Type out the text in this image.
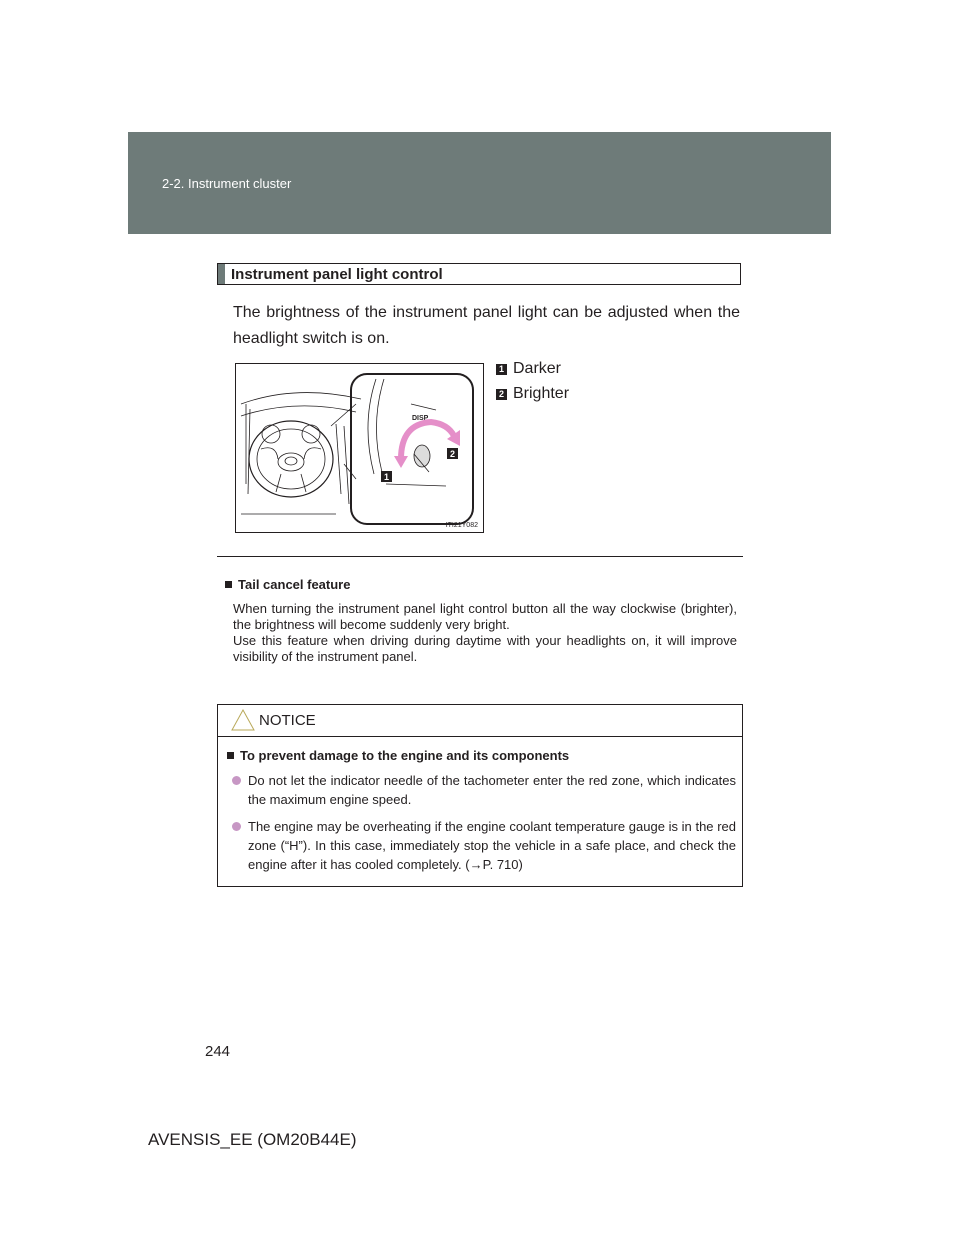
2-2. Instrument cluster
Instrument panel light control
The brightness of the instrument panel light can be adjusted when the headlight switch is on.
DISP
1
2
ITI21Y082
1 Darker
2 Brighter
Tail cancel feature

When turning the instrument panel light control button all the way clockwise (brighter), the brightness will become suddenly very bright.

Use this feature when driving during daytime with your headlights on, it will improve visibility of the instrument panel.

NOTICE
To prevent damage to the engine and its components
Do not let the indicator needle of the tachometer enter the red zone, which indicates the maximum engine speed.
The engine may be overheating if the engine coolant temperature gauge is in the red zone (“H”). In this case, immediately stop the vehicle in a safe place, and check the engine after it has cooled completely. (→P. 710)
244
AVENSIS_EE (OM20B44E)
